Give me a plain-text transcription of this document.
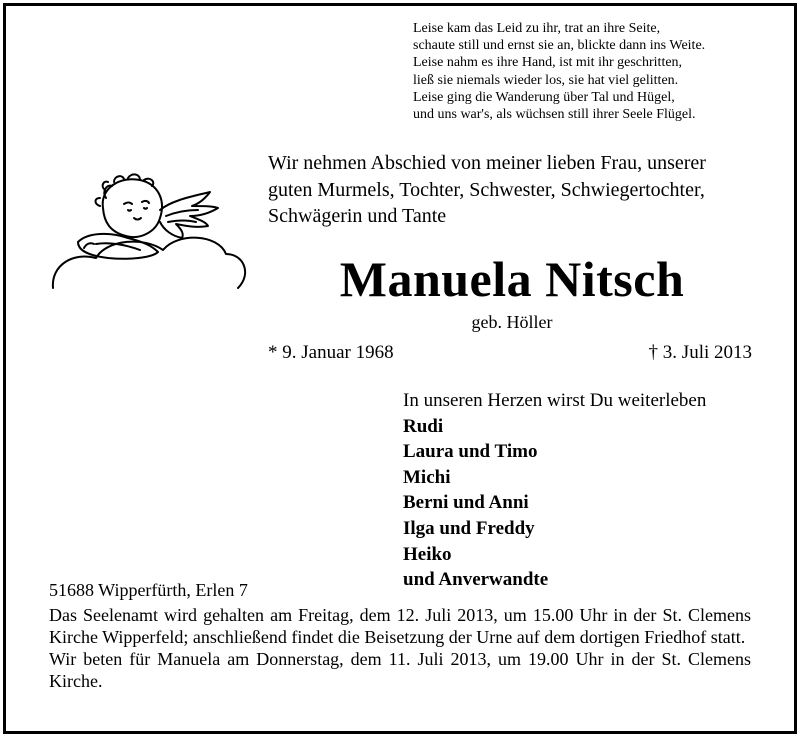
Leise kam das Leid zu ihr, trat an ihre Seite,
schaute still und ernst sie an, blickte dann ins Weite.
Leise nahm es ihre Hand, ist mit ihr geschritten,
ließ sie niemals wieder los, sie hat viel gelitten.
Leise ging die Wanderung über Tal und Hügel,
und uns war's, als wüchsen still ihrer Seele Flügel.
Wir nehmen Abschied von meiner lieben Frau, unserer
guten Murmels, Tochter, Schwester, Schwiegertochter,
Schwägerin und Tante
Manuela Nitsch
geb. Höller
* 9. Januar 1968	† 3. Juli 2013
In unseren Herzen wirst Du weiterleben
Rudi
Laura und Timo
Michi
Berni und Anni
Ilga und Freddy
Heiko
und Anverwandte
51688 Wipperfürth, Erlen 7

Das Seelenamt wird gehalten am Freitag, dem 12. Juli 2013, um 15.00 Uhr in der St. Clemens Kirche Wipperfeld; anschließend findet die Beisetzung der Urne auf dem dortigen Friedhof statt.

Wir beten für Manuela am Donnerstag, dem 11. Juli 2013, um 19.00 Uhr in der St. Clemens Kirche.
